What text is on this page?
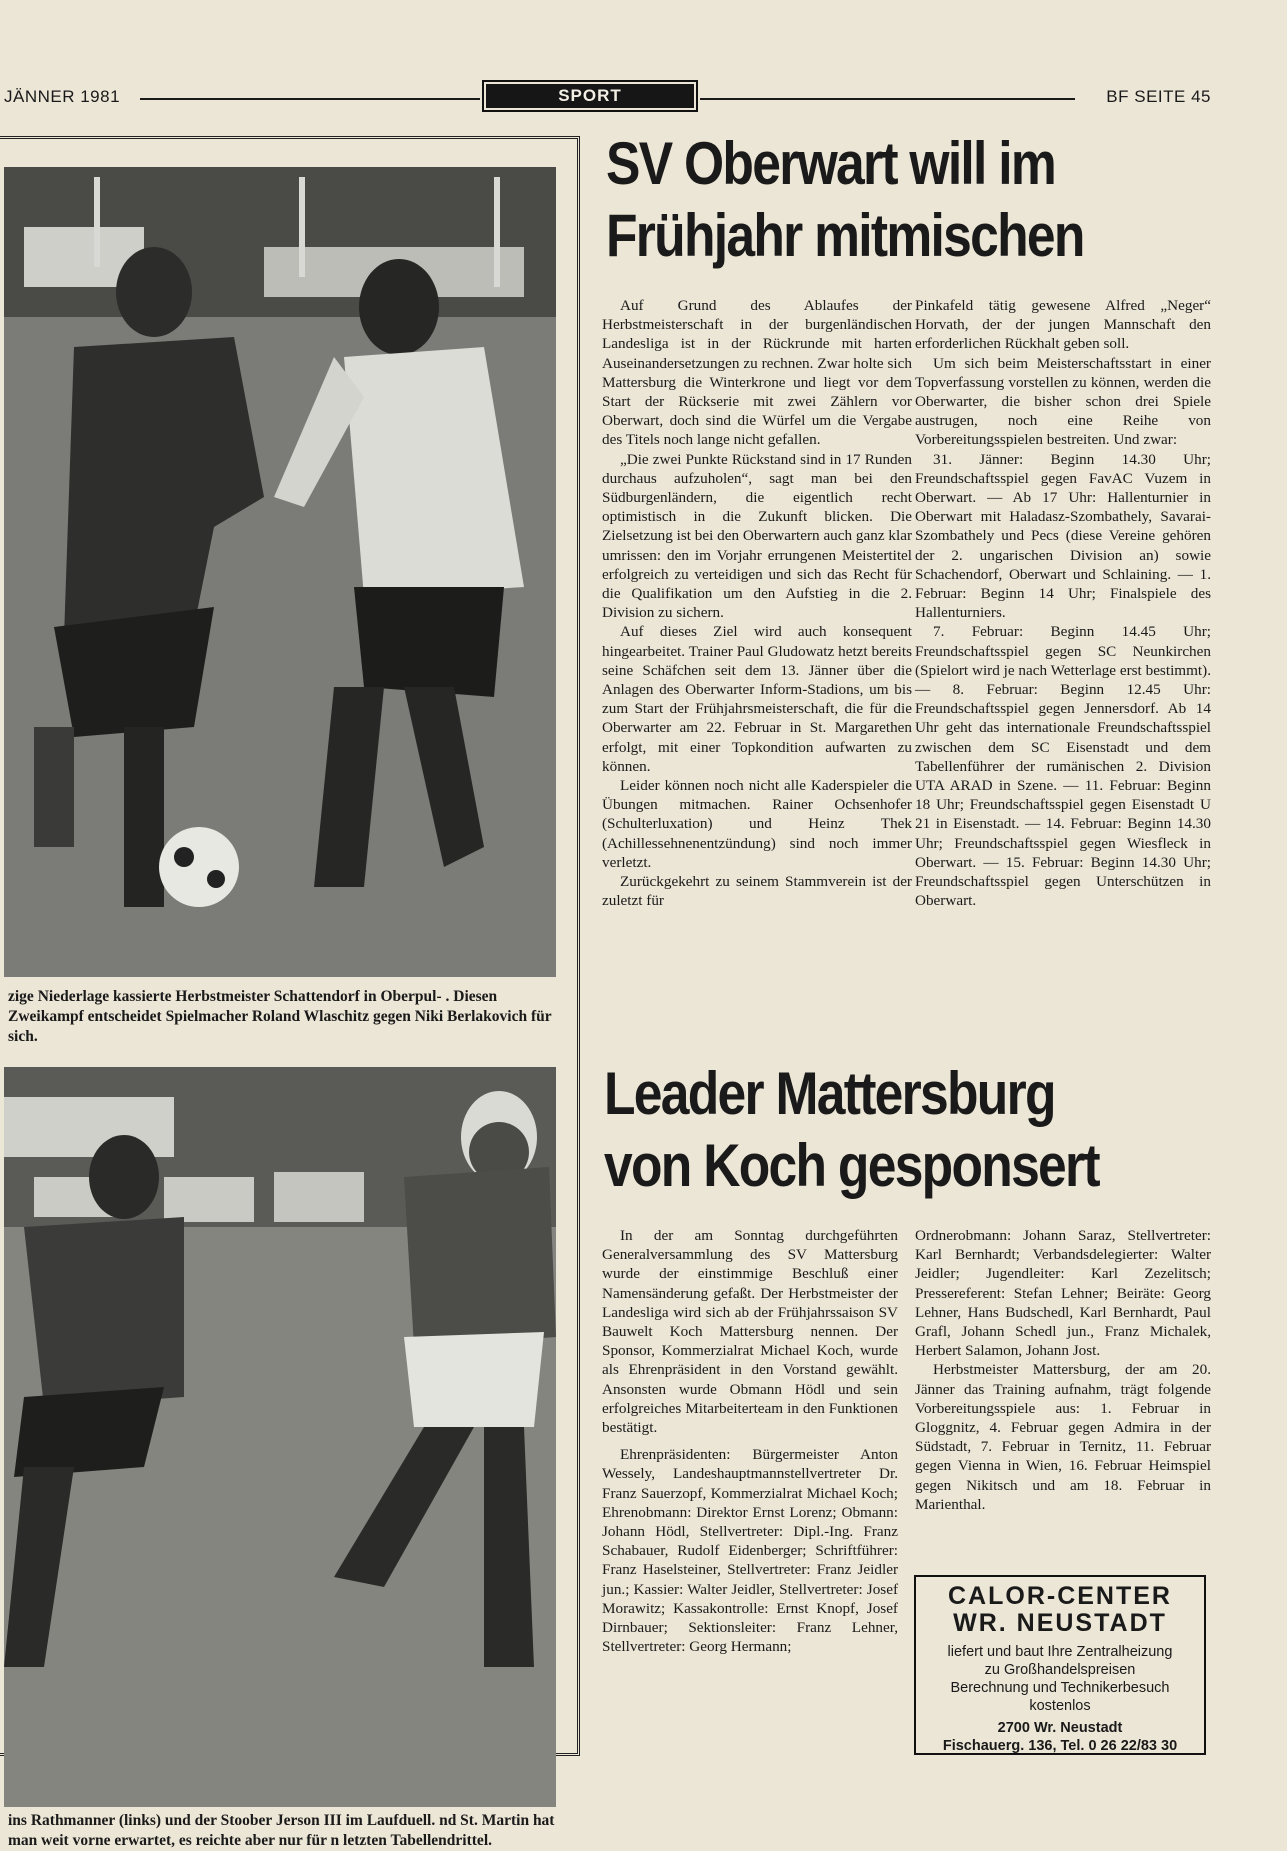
JÄNNER 1981	SPORT	BF SEITE 45
zige Niederlage kassierte Herbstmeister Schattendorf in Oberpul- . Diesen Zweikampf entscheidet Spielmacher Roland Wlaschitz gegen Niki Berlakovich für sich.
ins Rathmanner (links) und der Stoober Jerson III im Laufduell. nd St. Martin hat man weit vorne erwartet, es reichte aber nur für n letzten Tabellendrittel.
SV Oberwart will im
Frühjahr mitmischen

Auf Grund des Ablaufes der Herbstmeisterschaft in der burgenländischen Landesliga ist in der Rückrunde mit harten Auseinandersetzungen zu rechnen. Zwar holte sich Mattersburg die Winterkrone und liegt vor dem Start der Rückserie mit zwei Zählern vor Oberwart, doch sind die Würfel um die Vergabe des Titels noch lange nicht gefallen.

„Die zwei Punkte Rückstand sind in 17 Runden durchaus aufzuholen“, sagt man bei den Südburgenländern, die eigentlich recht optimistisch in die Zukunft blicken. Die Zielsetzung ist bei den Oberwartern auch ganz klar umrissen: den im Vorjahr errungenen Meistertitel erfolgreich zu verteidigen und sich das Recht für die Qualifikation um den Aufstieg in die 2. Division zu sichern.

Auf dieses Ziel wird auch konsequent hingearbeitet. Trainer Paul Gludowatz hetzt bereits seine Schäfchen seit dem 13. Jänner über die Anlagen des Oberwarter Inform-Stadions, um bis zum Start der Frühjahrsmeisterschaft, die für die Oberwarter am 22. Februar in St. Margarethen erfolgt, mit einer Topkondition aufwarten zu können.

Leider können noch nicht alle Kaderspieler die Übungen mitmachen. Rainer Ochsenhofer (Schulterluxation) und Heinz Thek (Achillessehnenentzündung) sind noch immer verletzt.

Zurückgekehrt zu seinem Stammverein ist der zuletzt für

Pinkafeld tätig gewesene Alfred „Neger“ Horvath, der der jungen Mannschaft den erforderlichen Rückhalt geben soll.

Um sich beim Meisterschaftsstart in einer Topverfassung vorstellen zu können, werden die Oberwarter, die bisher schon drei Spiele austrugen, noch eine Reihe von Vorbereitungsspielen bestreiten. Und zwar:

31. Jänner: Beginn 14.30 Uhr; Freundschaftsspiel gegen FavAC Vuzem in Oberwart. — Ab 17 Uhr: Hallenturnier in Oberwart mit Haladasz-Szombathely, Savarai-Szombathely und Pecs (diese Vereine gehören der 2. ungarischen Division an) sowie Schachendorf, Oberwart und Schlaining. — 1. Februar: Beginn 14 Uhr; Finalspiele des Hallenturniers.

7. Februar: Beginn 14.45 Uhr; Freundschaftsspiel gegen SC Neunkirchen (Spielort wird je nach Wetterlage erst bestimmt). — 8. Februar: Beginn 12.45 Uhr: Freundschaftsspiel gegen Jennersdorf. Ab 14 Uhr geht das internationale Freundschaftsspiel zwischen dem SC Eisenstadt und dem Tabellenführer der rumänischen 2. Division UTA ARAD in Szene. — 11. Februar: Beginn 18 Uhr; Freundschaftsspiel gegen Eisenstadt U 21 in Eisenstadt. — 14. Februar: Beginn 14.30 Uhr; Freundschaftsspiel gegen Wiesfleck in Oberwart. — 15. Februar: Beginn 14.30 Uhr; Freundschaftsspiel gegen Unterschützen in Oberwart.

Leader Mattersburg
von Koch gesponsert

In der am Sonntag durchgeführten Generalversammlung des SV Mattersburg wurde der einstimmige Beschluß einer Namensänderung gefaßt. Der Herbstmeister der Landesliga wird sich ab der Frühjahrssaison SV Bauwelt Koch Mattersburg nennen. Der Sponsor, Kommerzialrat Michael Koch, wurde als Ehrenpräsident in den Vorstand gewählt. Ansonsten wurde Obmann Hödl und sein erfolgreiches Mitarbeiterteam in den Funktionen bestätigt.

Ehrenpräsidenten: Bürgermeister Anton Wessely, Landeshauptmannstellvertreter Dr. Franz Sauerzopf, Kommerzialrat Michael Koch; Ehrenobmann: Direktor Ernst Lorenz; Obmann: Johann Hödl, Stellvertreter: Dipl.-Ing. Franz Schabauer, Rudolf Eidenberger; Schriftführer: Franz Haselsteiner, Stellvertreter: Franz Jeidler jun.; Kassier: Walter Jeidler, Stellvertreter: Josef Morawitz; Kassakontrolle: Ernst Knopf, Josef Dirnbauer; Sektionsleiter: Franz Lehner, Stellvertreter: Georg Hermann;

Ordnerobmann: Johann Saraz, Stellvertreter: Karl Bernhardt; Verbandsdelegierter: Walter Jeidler; Jugendleiter: Karl Zezelitsch; Pressereferent: Stefan Lehner; Beiräte: Georg Lehner, Hans Budschedl, Karl Bernhardt, Paul Grafl, Johann Schedl jun., Franz Michalek, Herbert Salamon, Johann Jost.

Herbstmeister Mattersburg, der am 20. Jänner das Training aufnahm, trägt folgende Vorbereitungsspiele aus: 1. Februar in Gloggnitz, 4. Februar gegen Admira in der Südstadt, 7. Februar in Ternitz, 11. Februar gegen Vienna in Wien, 16. Februar Heimspiel gegen Nikitsch und am 18. Februar in Marienthal.

CALOR-CENTER
WR. NEUSTADT
liefert und baut Ihre Zentralheizung
zu Großhandelspreisen
Berechnung und Technikerbesuch
kostenlos
2700 Wr. Neustadt
Fischauerg. 136, Tel. 0 26 22/83 30
